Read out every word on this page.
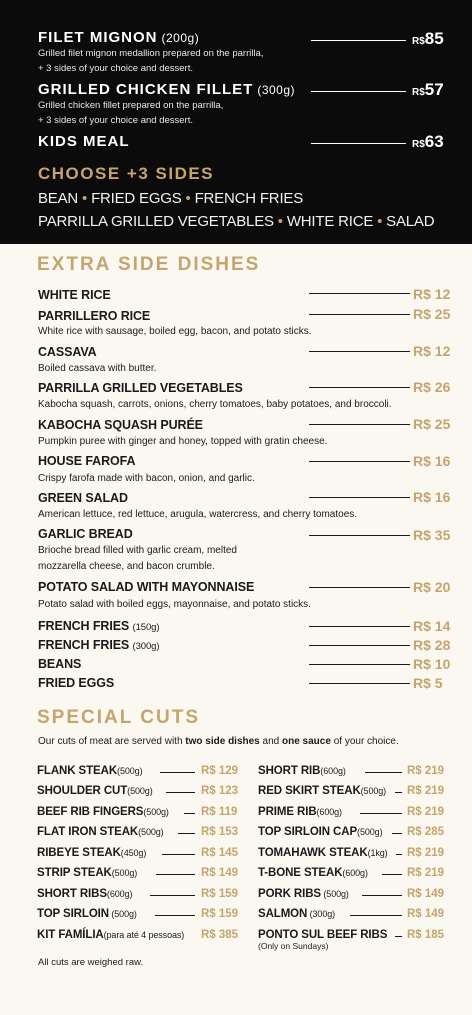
FILET MIGNON (200g)
Grilled filet mignon medallion prepared on the parrilla,
+ 3 sides of your choice and dessert.
R$85
GRILLED CHICKEN FILLET (300g)
Grilled chicken fillet prepared on the parrilla,
+ 3 sides of your choice and dessert.
R$57
KIDS MEAL	R$63
CHOOSE +3 SIDES
BEAN • FRIED EGGS • FRENCH FRIES
PARRILLA GRILLED VEGETABLES • WHITE RICE • SALAD
EXTRA SIDE DISHES
WHITE RICE	R$ 12
PARRILLERO RICE	R$ 25
White rice with sausage, boiled egg, bacon, and potato sticks.
CASSAVA	R$ 12
Boiled cassava with butter.
PARRILLA GRILLED VEGETABLES	R$ 26
Kabocha squash, carrots, onions, cherry tomatoes, baby potatoes, and broccoli.
KABOCHA SQUASH PURÉE	R$ 25
Pumpkin puree with ginger and honey, topped with gratin cheese.
HOUSE FAROFA	R$ 16
Crispy farofa made with bacon, onion, and garlic.
GREEN SALAD	R$ 16
American lettuce, red lettuce, arugula, watercress, and cherry tomatoes.
GARLIC BREAD	R$ 35
Brioche bread filled with garlic cream, melted
mozzarella cheese, and bacon crumble.
POTATO SALAD WITH MAYONNAISE	R$ 20
Potato salad with boiled eggs, mayonnaise, and potato sticks.
FRENCH FRIES (150g)	R$ 14
FRENCH FRIES (300g)	R$ 28
BEANS	R$ 10
FRIED EGGS	R$ 5
SPECIAL CUTS
Our cuts of meat are served with two side dishes and one sauce of your choice.
FLANK STEAK(500g)	R$ 129
SHOULDER CUT(500g)	R$ 123
BEEF RIB FINGERS(500g)	R$ 119
FLAT IRON STEAK(500g)	R$ 153
RIBEYE STEAK(450g)	R$ 145
STRIP STEAK(500g)	R$ 149
SHORT RIBS(600g)	R$ 159
TOP SIRLOIN (500g)	R$ 159
KIT FAMÍLIA(para até 4 pessoas) R$ 385
SHORT RIB(600g)	R$ 219
RED SKIRT STEAK(500g) R$ 219
PRIME RIB(600g)	R$ 219
TOP SIRLOIN CAP(500g) R$ 285
TOMAHAWK STEAK(1kg) R$ 219
T-BONE STEAK(600g)	R$ 219
PORK RIBS (500g)	R$ 149
SALMON (300g)	R$ 149
PONTO SUL BEEF RIBS R$ 185
(Only on Sundays)
All cuts are weighed raw.
